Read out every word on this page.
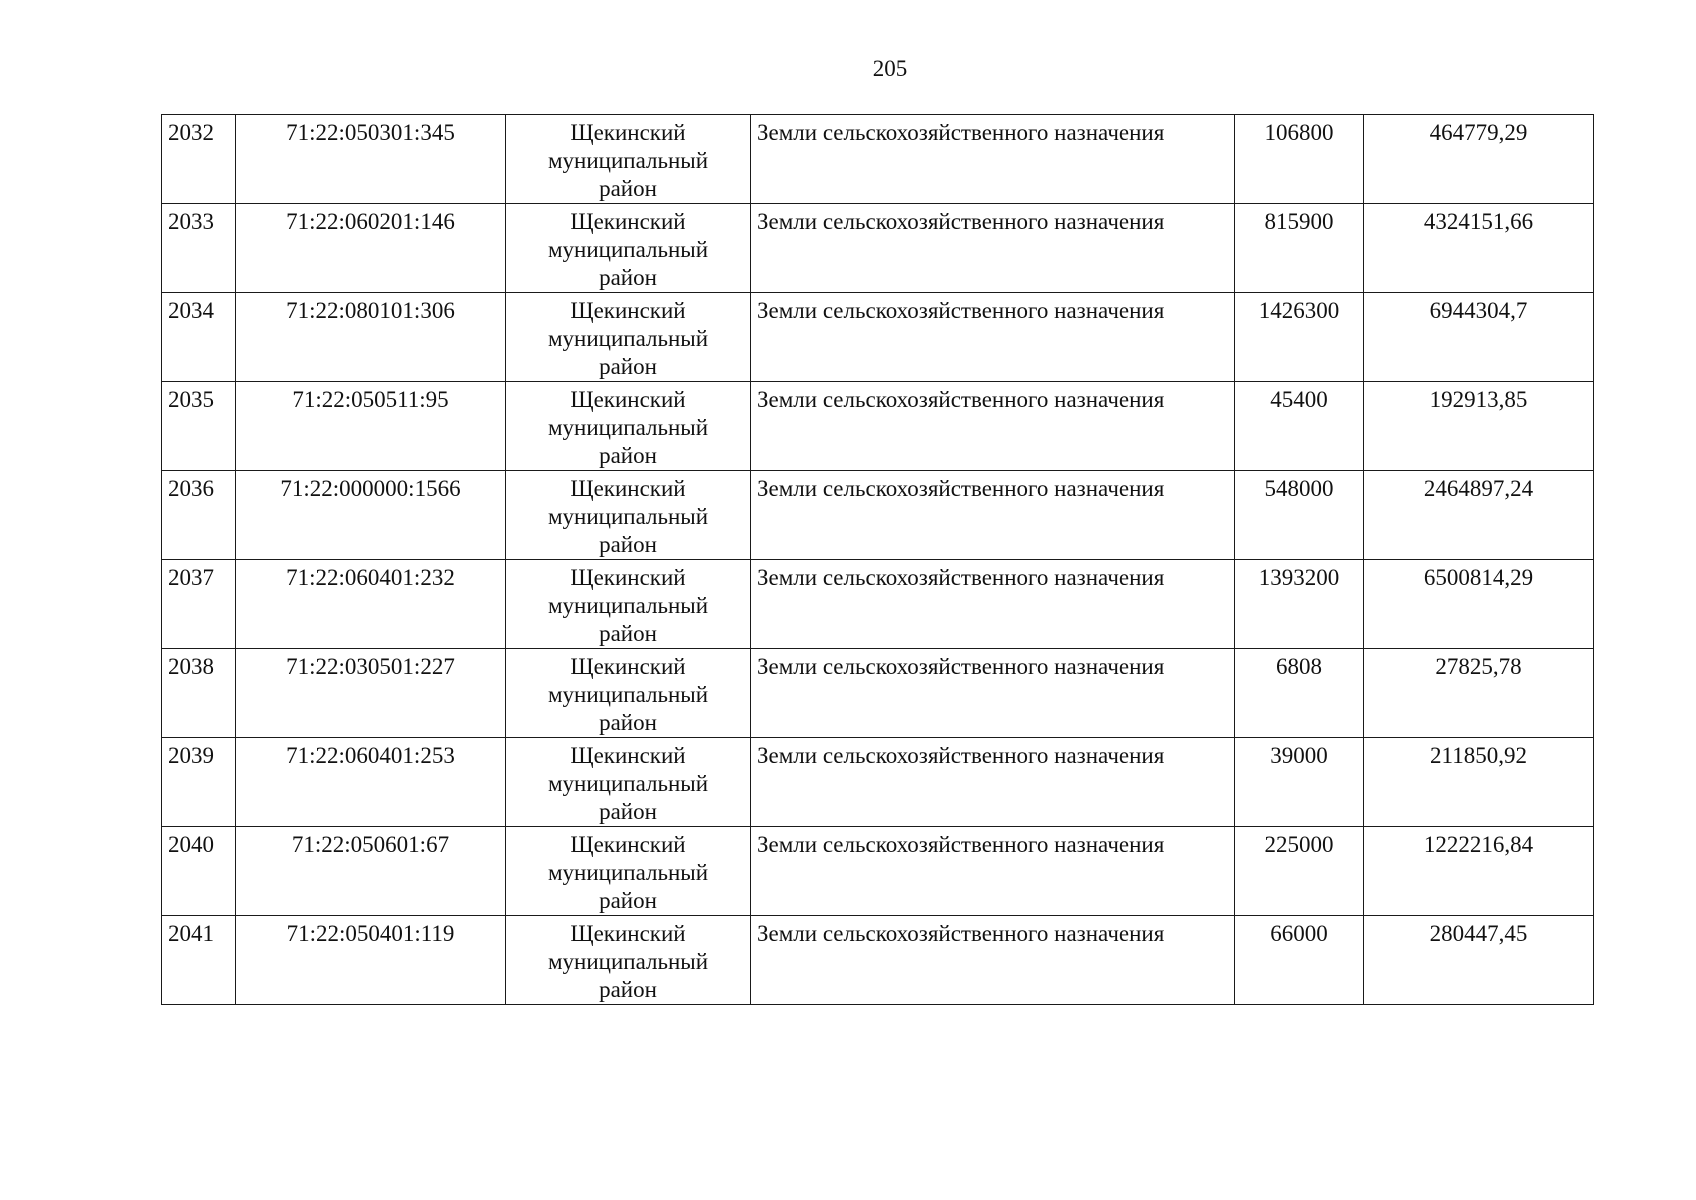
205
2032	71:22:050301:345	Щекинский
муниципальный
район	Земли сельскохозяйственного назначения	106800	464779,29
2033	71:22:060201:146	Щекинский
муниципальный
район	Земли сельскохозяйственного назначения	815900	4324151,66
2034	71:22:080101:306	Щекинский
муниципальный
район	Земли сельскохозяйственного назначения	1426300	6944304,7
2035	71:22:050511:95	Щекинский
муниципальный
район	Земли сельскохозяйственного назначения	45400	192913,85
2036	71:22:000000:1566	Щекинский
муниципальный
район	Земли сельскохозяйственного назначения	548000	2464897,24
2037	71:22:060401:232	Щекинский
муниципальный
район	Земли сельскохозяйственного назначения	1393200	6500814,29
2038	71:22:030501:227	Щекинский
муниципальный
район	Земли сельскохозяйственного назначения	6808	27825,78
2039	71:22:060401:253	Щекинский
муниципальный
район	Земли сельскохозяйственного назначения	39000	211850,92
2040	71:22:050601:67	Щекинский
муниципальный
район	Земли сельскохозяйственного назначения	225000	1222216,84
2041	71:22:050401:119	Щекинский
муниципальный
район	Земли сельскохозяйственного назначения	66000	280447,45
